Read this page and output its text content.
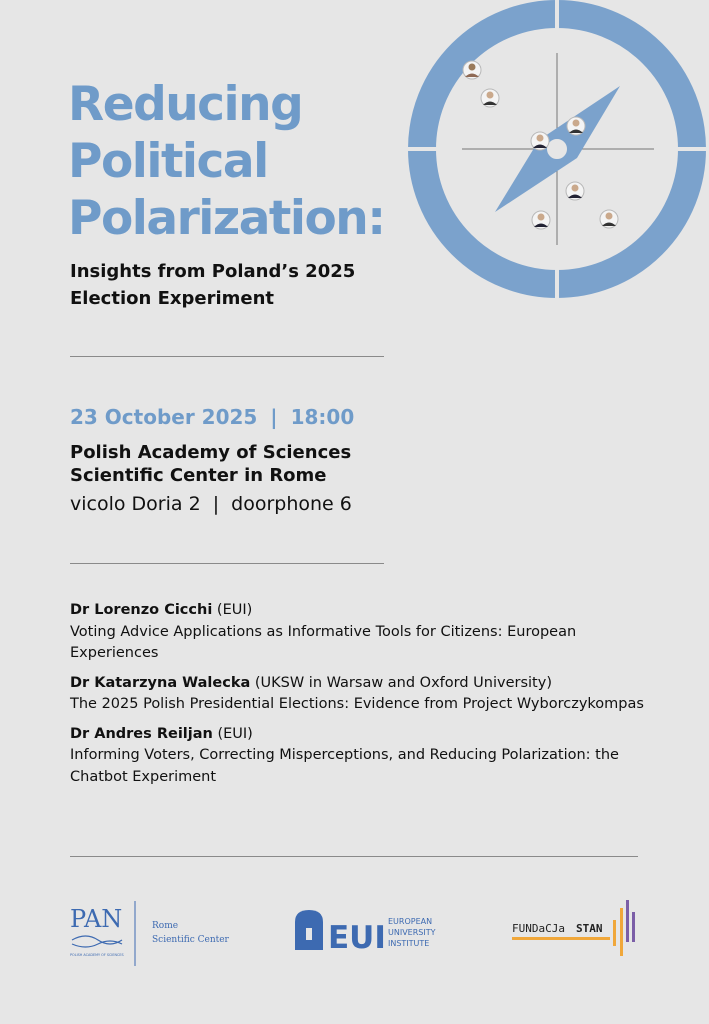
Reducing
Political
Polarization:
Insights from Poland’s 2025
Election Experiment
23 October 2025 | 18:00
Polish Academy of Sciences
Scientific Center in Rome
vicolo Doria 2 | doorphone 6
Dr Lorenzo Cicchi (EUI)
Voting Advice Applications as Informative Tools for Citizens: European Experiences
Dr Katarzyna Walecka (UKSW in Warsaw and Oxford University)
The 2025 Polish Presidential Elections: Evidence from Project Wyborczykompas
Dr Andres Reiljan (EUI)
Informing Voters, Correcting Misperceptions, and Reducing Polarization: the Chatbot Experiment
PAN
POLISH ACADEMY OF SCIENCES
Rome
Scientific Center	EUI EUROPEAN
UNIVERSITY
INSTITUTE
FUNDaCJa STAN
